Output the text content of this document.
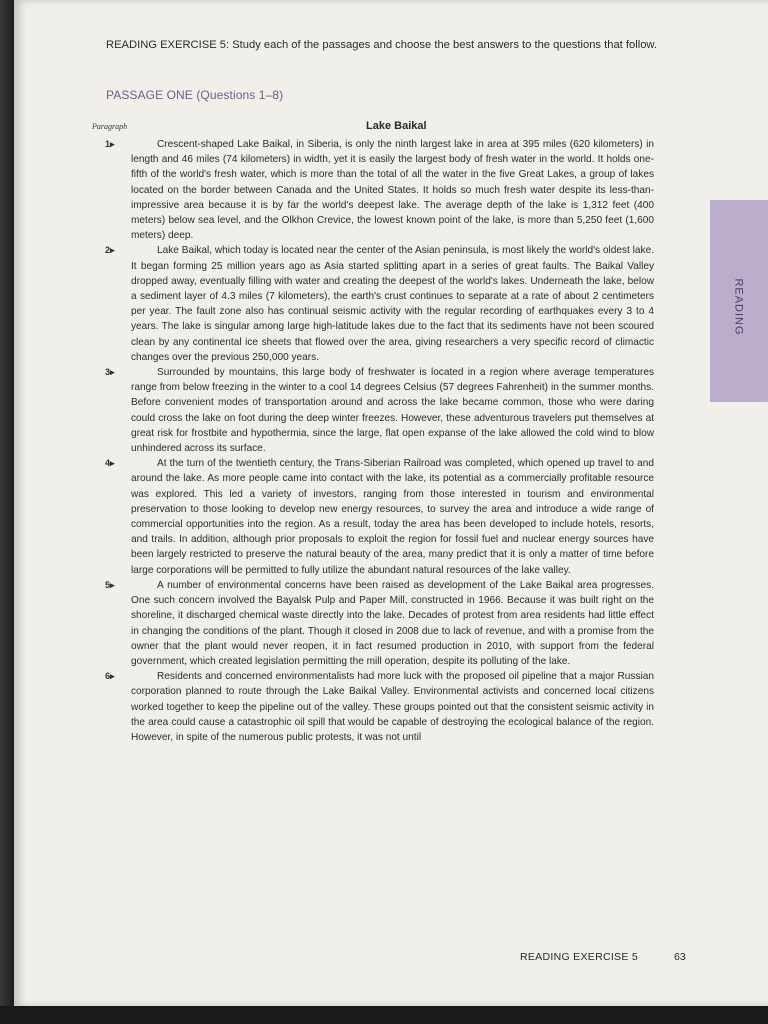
READING EXERCISE 5: Study each of the passages and choose the best answers to the questions that follow.
PASSAGE ONE (Questions 1–8)
Paragraph	Lake Baikal

1▸	Crescent-shaped Lake Baikal, in Siberia, is only the ninth largest lake in area at 395 miles (620 kilometers) in length and 46 miles (74 kilometers) in width, yet it is easily the largest body of fresh water in the world. It holds one-fifth of the world's fresh water, which is more than the total of all the water in the five Great Lakes, a group of lakes located on the border between Canada and the United States. It holds so much fresh water despite its less-than-impressive area because it is by far the world's deepest lake. The average depth of the lake is 1,312 feet (400 meters) below sea level, and the Olkhon Crevice, the lowest known point of the lake, is more than 5,250 feet (1,600 meters) deep.

2▸	Lake Baikal, which today is located near the center of the Asian peninsula, is most likely the world's oldest lake. It began forming 25 million years ago as Asia started splitting apart in a series of great faults. The Baikal Valley dropped away, eventually filling with water and creating the deepest of the world's lakes. Underneath the lake, below a sediment layer of 4.3 miles (7 kilometers), the earth's crust continues to separate at a rate of about 2 centimeters per year. The fault zone also has continual seismic activity with the regular recording of earthquakes every 3 to 4 years. The lake is singular among large high-latitude lakes due to the fact that its sediments have not been scoured clean by any continental ice sheets that flowed over the area, giving researchers a very specific record of climactic changes over the previous 250,000 years.

3▸	Surrounded by mountains, this large body of freshwater is located in a region where average temperatures range from below freezing in the winter to a cool 14 degrees Celsius (57 degrees Fahrenheit) in the summer months. Before convenient modes of transportation around and across the lake became common, those who were daring could cross the lake on foot during the deep winter freezes. However, these adventurous travelers put themselves at great risk for frostbite and hypothermia, since the large, flat open expanse of the lake allowed the cold wind to blow unhindered across its surface.

4▸	At the turn of the twentieth century, the Trans-Siberian Railroad was completed, which opened up travel to and around the lake. As more people came into contact with the lake, its potential as a commercially profitable resource was explored. This led a variety of investors, ranging from those interested in tourism and environmental preservation to those looking to develop new energy resources, to survey the area and introduce a wide range of commercial opportunities into the region. As a result, today the area has been developed to include hotels, resorts, and trails. In addition, although prior proposals to exploit the region for fossil fuel and nuclear energy sources have been largely restricted to preserve the natural beauty of the area, many predict that it is only a matter of time before large corporations will be permitted to fully utilize the abundant natural resources of the lake valley.

5▸	A number of environmental concerns have been raised as development of the Lake Baikal area progresses. One such concern involved the Bayalsk Pulp and Paper Mill, constructed in 1966. Because it was built right on the shoreline, it discharged chemical waste directly into the lake. Decades of protest from area residents had little effect in changing the conditions of the plant. Though it closed in 2008 due to lack of revenue, and with a promise from the owner that the plant would never reopen, it in fact resumed production in 2010, with support from the federal government, which created legislation permitting the mill operation, despite its polluting of the lake.

6▸	Residents and concerned environmentalists had more luck with the proposed oil pipeline that a major Russian corporation planned to route through the Lake Baikal Valley. Environmental activists and concerned local citizens worked together to keep the pipeline out of the valley. These groups pointed out that the consistent seismic activity in the area could cause a catastrophic oil spill that would be capable of destroying the ecological balance of the region. However, in spite of the numerous public protests, it was not until

READING
READING EXERCISE 5	63
